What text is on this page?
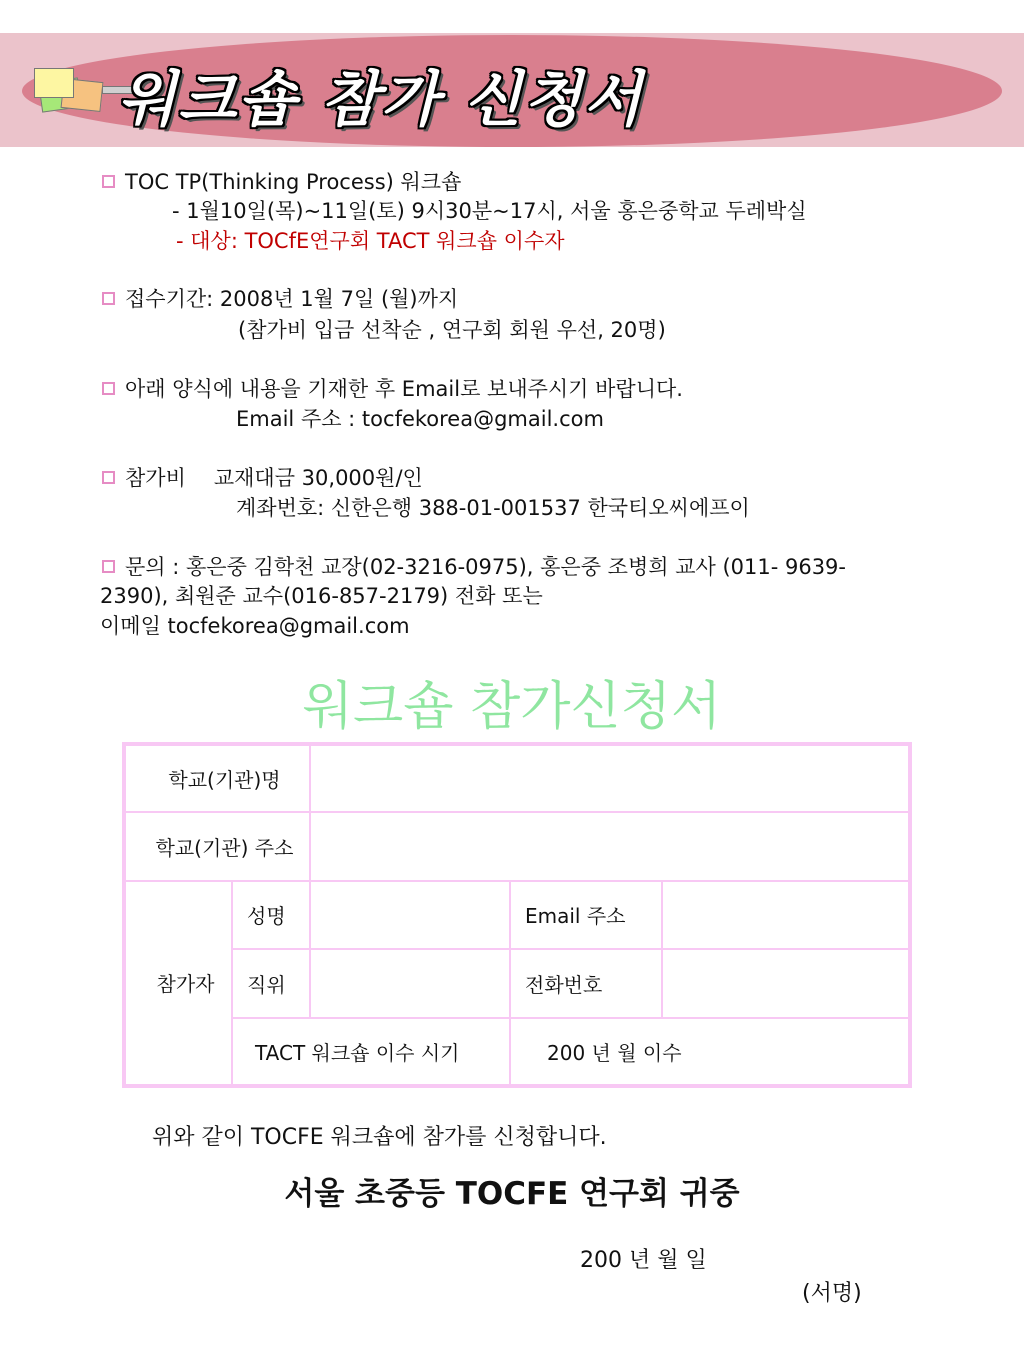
워크숍 참가 신청서
TOC TP(Thinking Process) 워크숍
- 1월10일(목)~11일(토) 9시30분~17시, 서울 홍은중학교 두레박실
- 대상: TOCfE연구회 TACT 워크숍 이수자
접수기간: 2008년 1월 7일 (월)까지
(참가비 입금 선착순 , 연구회 회원 우선, 20명)
아래 양식에 내용을 기재한 후 Email로 보내주시기 바랍니다.
Email 주소 : tocfekorea@gmail.com
참가비 교재대금 30,000원/인
계좌번호: 신한은행 388-01-001537 한국티오씨에프이
문의 : 홍은중 김학천 교장(02-3216-0975), 홍은중 조병희 교사 (011- 9639-
2390), 최원준 교수(016-857-2179) 전화 또는
이메일 tocfekorea@gmail.com
워크숍 참가신청서
학교(기관)명				
학교(기관) 주소				
참가자	성명		Email 주소	
	직위		전화번호	
	TACT 워크숍 이수 시기		200 년 월 이수	
위와 같이 TOCFE 워크숍에 참가를 신청합니다.
서울 초중등 TOCFE 연구회 귀중
200 년 월 일
(서명)
